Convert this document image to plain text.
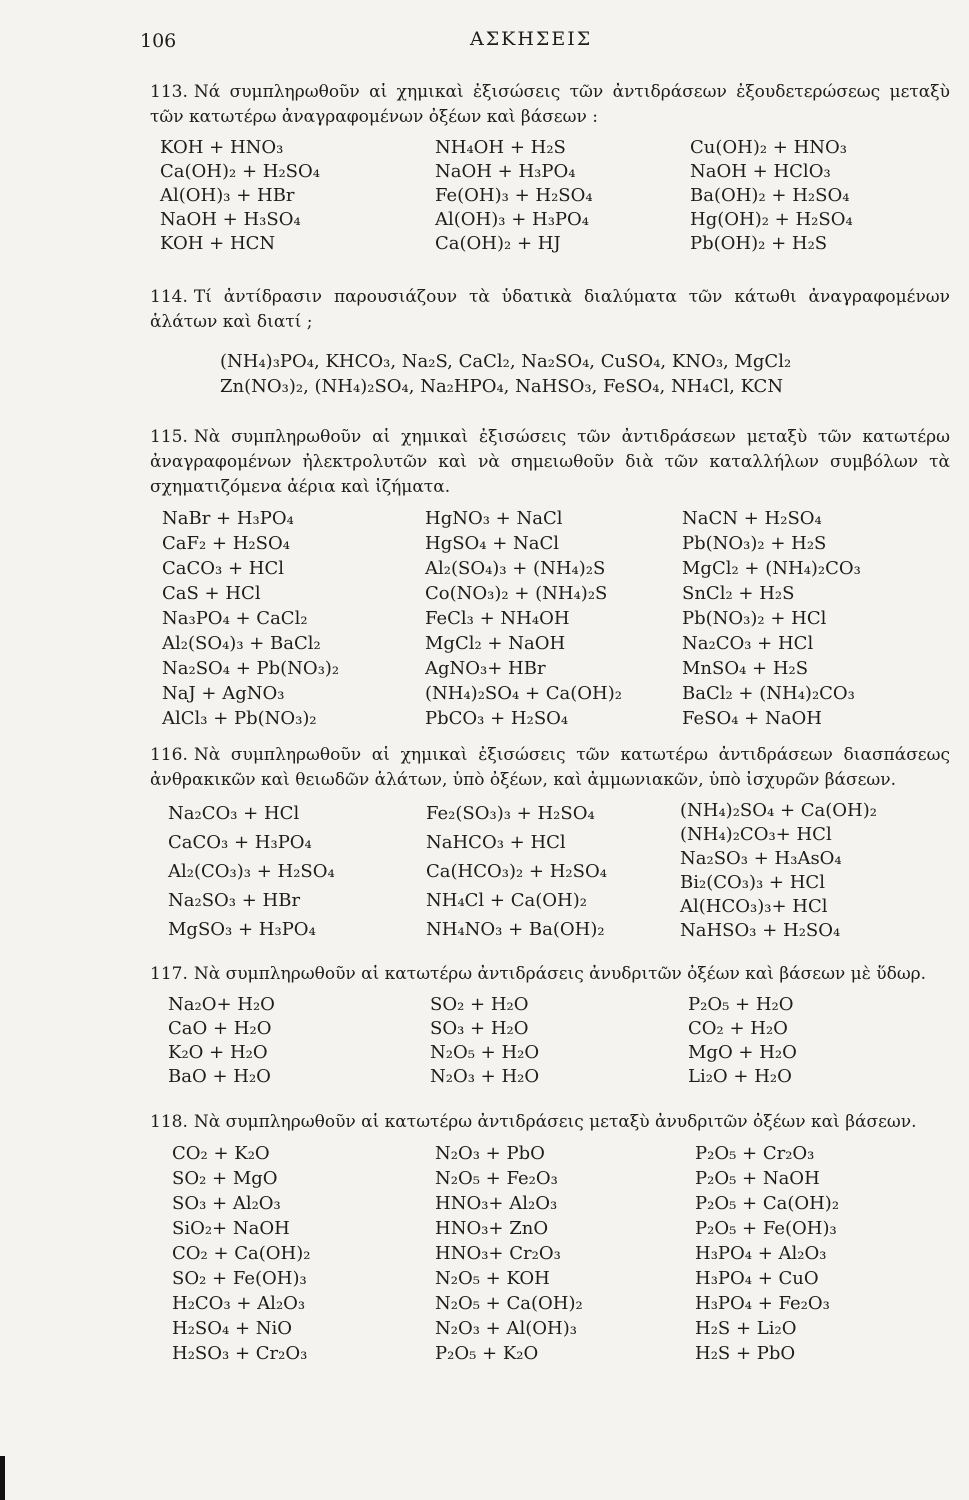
106	ΑΣΚΗΣΕΙΣ

113. Νά συμπληρωθοῦν αἱ χημικαὶ ἐξισώσεις τῶν ἀντιδράσεων ἐξουδετερώσεως μεταξὺ τῶν κατωτέρω ἀναγραφομένων ὀξέων καὶ βάσεων :

KOH + HNO₃
Ca(OH)₂ + H₂SO₄
Al(OH)₃ + HBr
NaOH + H₃SO₄
KOH + HCN
NH₄OH + H₂S
NaOH + H₃PO₄
Fe(OH)₃ + H₂SO₄
Al(OH)₃ + H₃PO₄
Ca(OH)₂ + HJ
Cu(OH)₂ + HNO₃
NaOH + HClO₃
Ba(OH)₂ + H₂SO₄
Hg(OH)₂ + H₂SO₄
Pb(OH)₂ + H₂S

114. Τί ἀντίδρασιν παρουσιάζουν τὰ ὑδατικὰ διαλύματα τῶν κάτωθι ἀναγραφομένων ἁλάτων καὶ διατί ;

(NH₄)₃PO₄, KHCO₃, Na₂S, CaCl₂, Na₂SO₄, CuSO₄, KNO₃, MgCl₂
Zn(NO₃)₂, (NH₄)₂SO₄, Na₂HPO₄, NaHSO₃, FeSO₄, NH₄Cl, KCN

115. Νὰ συμπληρωθοῦν αἱ χημικαὶ ἐξισώσεις τῶν ἀντιδράσεων μεταξὺ τῶν κατωτέρω ἀναγραφομένων ἠλεκτρολυτῶν καὶ νὰ σημειωθοῦν διὰ τῶν καταλλήλων συμβόλων τὰ σχηματιζόμενα ἀέρια καὶ ἰζήματα.

NaBr + H₃PO₄
CaF₂ + H₂SO₄
CaCO₃ + HCl
CaS + HCl
Na₃PO₄ + CaCl₂
Al₂(SO₄)₃ + BaCl₂
Na₂SO₄ + Pb(NO₃)₂
NaJ + AgNO₃
AlCl₃ + Pb(NO₃)₂
HgNO₃ + NaCl
HgSO₄ + NaCl
Al₂(SO₄)₃ + (NH₄)₂S
Co(NO₃)₂ + (NH₄)₂S
FeCl₃ + NH₄OH
MgCl₂ + NaOH
AgNO₃+ HBr
(NH₄)₂SO₄ + Ca(OH)₂
PbCO₃ + H₂SO₄
NaCN + H₂SO₄
Pb(NO₃)₂ + H₂S
MgCl₂ + (NH₄)₂CO₃
SnCl₂ + H₂S
Pb(NO₃)₂ + HCl
Na₂CO₃ + HCl
MnSO₄ + H₂S
BaCl₂ + (NH₄)₂CO₃
FeSO₄ + NaOH

116. Νὰ συμπληρωθοῦν αἱ χημικαὶ ἐξισώσεις τῶν κατωτέρω ἀντιδράσεων διασπάσεως ἀνθρακικῶν καὶ θειωδῶν ἁλάτων, ὑπὸ ὀξέων, καὶ ἀμμωνιακῶν, ὑπὸ ἰσχυρῶν βάσεων.

Na₂CO₃ + HCl
CaCO₃ + H₃PO₄
Al₂(CO₃)₃ + H₂SO₄
Na₂SO₃ + HBr
MgSO₃ + H₃PO₄
Fe₂(SO₃)₃ + H₂SO₄
NaHCO₃ + HCl
Ca(HCO₃)₂ + H₂SO₄
NH₄Cl + Ca(OH)₂
NH₄NO₃ + Ba(OH)₂
(NH₄)₂SO₄ + Ca(OH)₂
(NH₄)₂CO₃+ HCl
Na₂SO₃ + H₃AsO₄
Bi₂(CO₃)₃ + HCl
Al(HCO₃)₃+ HCl
NaHSO₃ + H₂SO₄

117. Νὰ συμπληρωθοῦν αἱ κατωτέρω ἀντιδράσεις ἀνυδριτῶν ὀξέων καὶ βάσεων μὲ ὕδωρ.

Na₂O+ H₂O
CaO + H₂O
K₂O + H₂O
BaO + H₂O
SO₂ + H₂O
SO₃ + H₂O
N₂O₅ + H₂O
N₂O₃ + H₂O
P₂O₅ + H₂O
CO₂ + H₂O
MgO + H₂O
Li₂O + H₂O

118. Νὰ συμπληρωθοῦν αἱ κατωτέρω ἀντιδράσεις μεταξὺ ἀνυδριτῶν ὀξέων καὶ βάσεων.

CO₂ + K₂O
SO₂ + MgO
SO₃ + Al₂O₃
SiO₂+ NaOH
CO₂ + Ca(OH)₂
SO₂ + Fe(OH)₃
H₂CO₃ + Al₂O₃
H₂SO₄ + NiO
H₂SO₃ + Cr₂O₃
N₂O₃ + PbO
N₂O₅ + Fe₂O₃
HNO₃+ Al₂O₃
HNO₃+ ZnO
HNO₃+ Cr₂O₃
N₂O₅ + KOH
N₂O₅ + Ca(OH)₂
N₂O₃ + Al(OH)₃
P₂O₅ + K₂O
P₂O₅ + Cr₂O₃
P₂O₅ + NaOH
P₂O₅ + Ca(OH)₂
P₂O₅ + Fe(OH)₃
H₃PO₄ + Al₂O₃
H₃PO₄ + CuO
H₃PO₄ + Fe₂O₃
H₂S + Li₂O
H₂S + PbO
